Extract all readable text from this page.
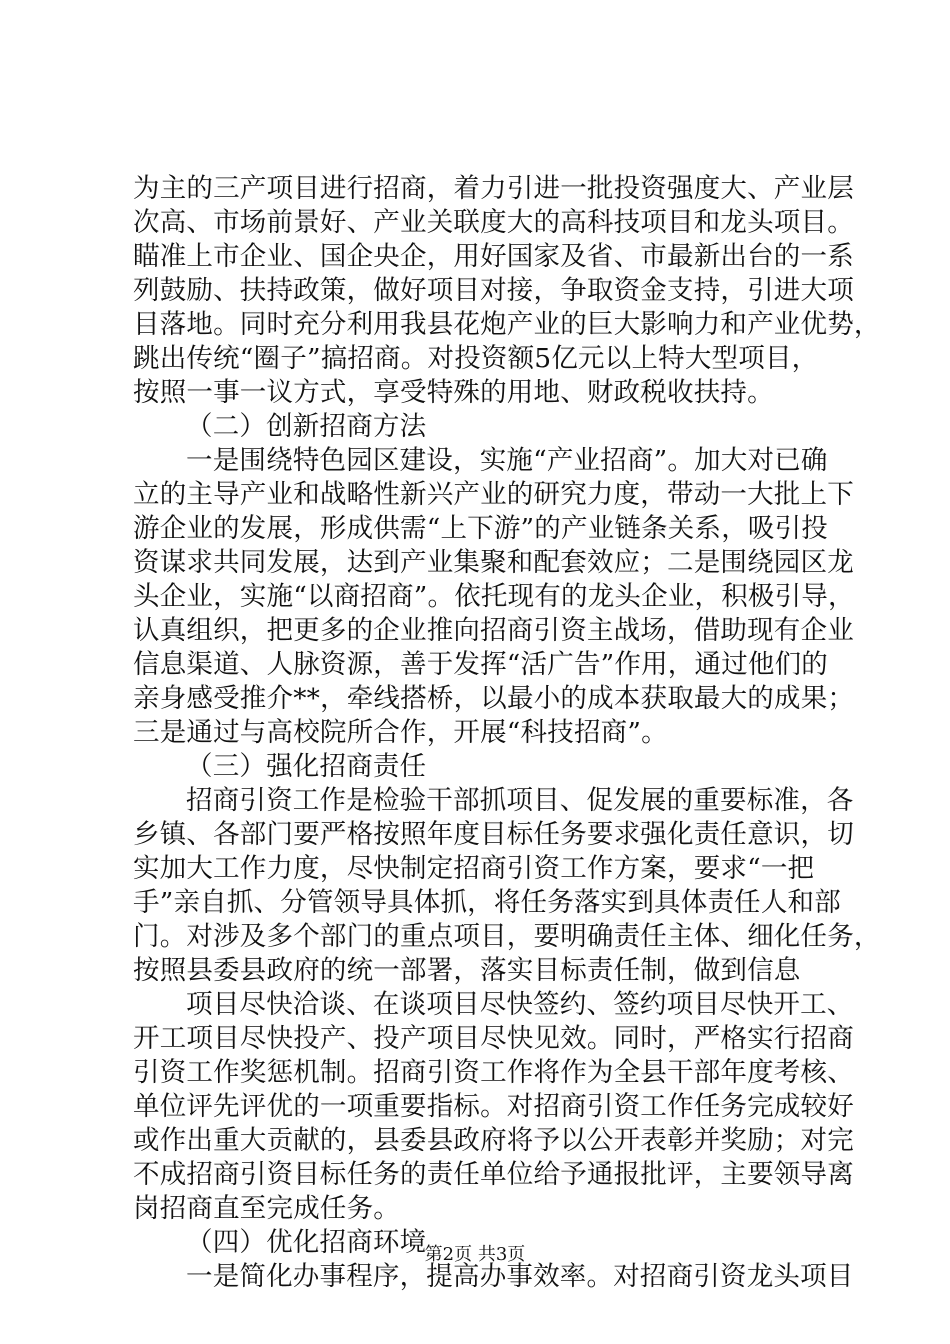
为主的三产项目进行招商，着力引进一批投资强度大、产业层
次高、市场前景好、产业关联度大的高科技项目和龙头项目。
瞄准上市企业、国企央企，用好国家及省、市最新出台的一系
列鼓励、扶持政策，做好项目对接，争取资金支持，引进大项
目落地。同时充分利用我县花炮产业的巨大影响力和产业优势，
跳出传统“圈子”搞招商。对投资额5亿元以上特大型项目，
按照一事一议方式，享受特殊的用地、财政税收扶持。
（二）创新招商方法
一是围绕特色园区建设，实施“产业招商”。加大对已确
立的主导产业和战略性新兴产业的研究力度，带动一大批上下
游企业的发展，形成供需“上下游”的产业链条关系，吸引投
资谋求共同发展，达到产业集聚和配套效应；二是围绕园区龙
头企业，实施“以商招商”。依托现有的龙头企业，积极引导，
认真组织，把更多的企业推向招商引资主战场，借助现有企业
信息渠道、人脉资源，善于发挥“活广告”作用，通过他们的
亲身感受推介**，牵线搭桥，以最小的成本获取最大的成果；
三是通过与高校院所合作，开展“科技招商”。
（三）强化招商责任
招商引资工作是检验干部抓项目、促发展的重要标准，各
乡镇、各部门要严格按照年度目标任务要求强化责任意识，切
实加大工作力度，尽快制定招商引资工作方案，要求“一把
手”亲自抓、分管领导具体抓，将任务落实到具体责任人和部
门。对涉及多个部门的重点项目，要明确责任主体、细化任务，
按照县委县政府的统一部署，落实目标责任制，做到信息
项目尽快洽谈、在谈项目尽快签约、签约项目尽快开工、
开工项目尽快投产、投产项目尽快见效。同时，严格实行招商
引资工作奖惩机制。招商引资工作将作为全县干部年度考核、
单位评先评优的一项重要指标。对招商引资工作任务完成较好
或作出重大贡献的，县委县政府将予以公开表彰并奖励；对完
不成招商引资目标任务的责任单位给予通报批评，主要领导离
岗招商直至完成任务。
（四）优化招商环境
一是简化办事程序，提高办事效率。对招商引资龙头项目
第2页 共3页
